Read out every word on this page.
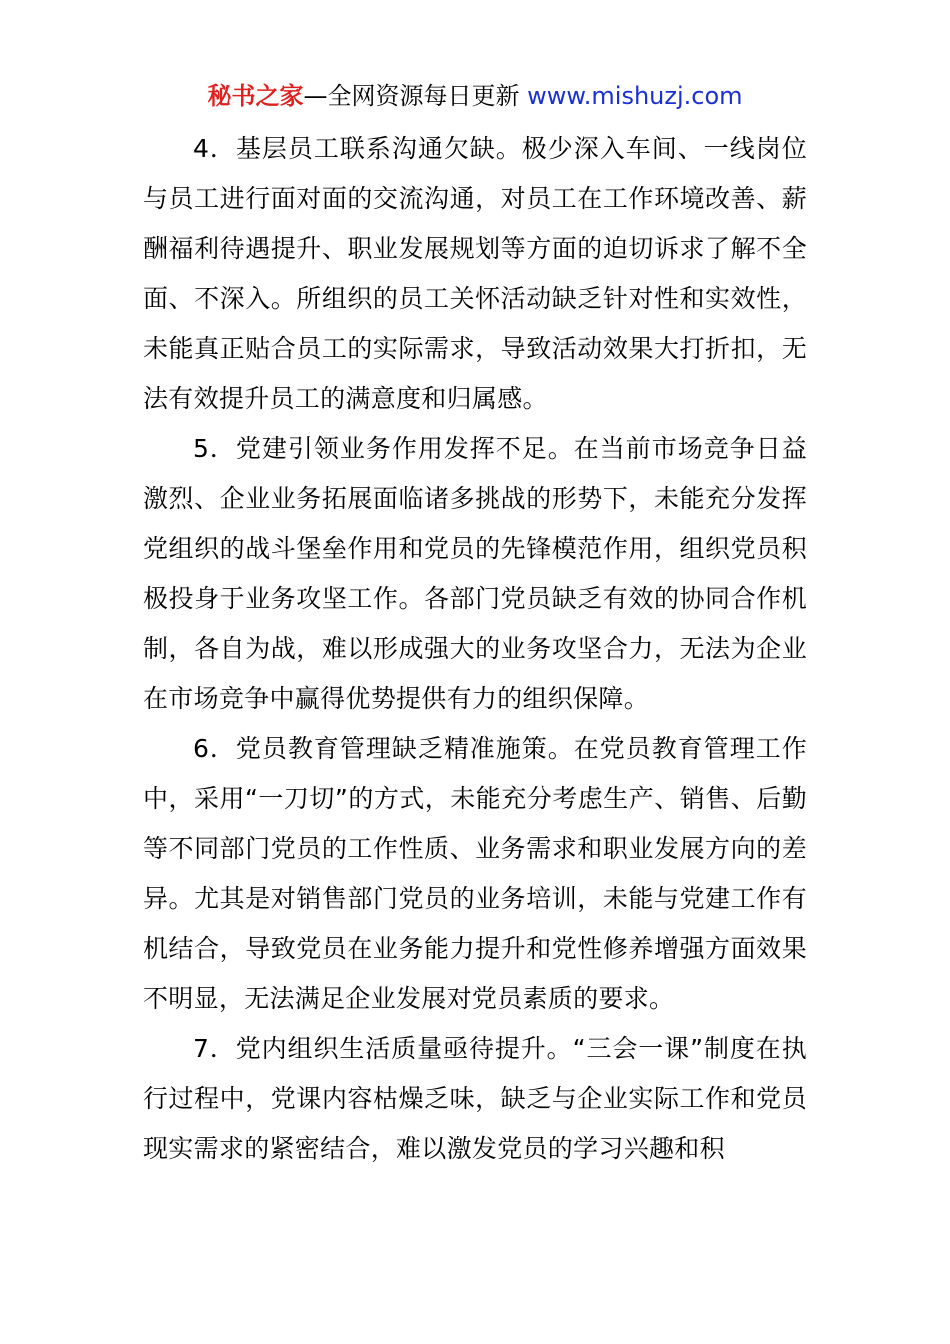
秘书之家—全网资源每日更新 www.mishuzj.com

4．基层员工联系沟通欠缺。极少深入车间、一线岗位与员工进行面对面的交流沟通，对员工在工作环境改善、薪酬福利待遇提升、职业发展规划等方面的迫切诉求了解不全面、不深入。所组织的员工关怀活动缺乏针对性和实效性，未能真正贴合员工的实际需求，导致活动效果大打折扣，无法有效提升员工的满意度和归属感。

5．党建引领业务作用发挥不足。在当前市场竞争日益激烈、企业业务拓展面临诸多挑战的形势下，未能充分发挥党组织的战斗堡垒作用和党员的先锋模范作用，组织党员积极投身于业务攻坚工作。各部门党员缺乏有效的协同合作机制，各自为战，难以形成强大的业务攻坚合力，无法为企业在市场竞争中赢得优势提供有力的组织保障。

6．党员教育管理缺乏精准施策。在党员教育管理工作中，采用“一刀切”的方式，未能充分考虑生产、销售、后勤等不同部门党员的工作性质、业务需求和职业发展方向的差异。尤其是对销售部门党员的业务培训，未能与党建工作有机结合，导致党员在业务能力提升和党性修养增强方面效果不明显，无法满足企业发展对党员素质的要求。

7．党内组织生活质量亟待提升。“三会一课”制度在执行过程中，党课内容枯燥乏味，缺乏与企业实际工作和党员现实需求的紧密结合，难以激发党员的学习兴趣和积
